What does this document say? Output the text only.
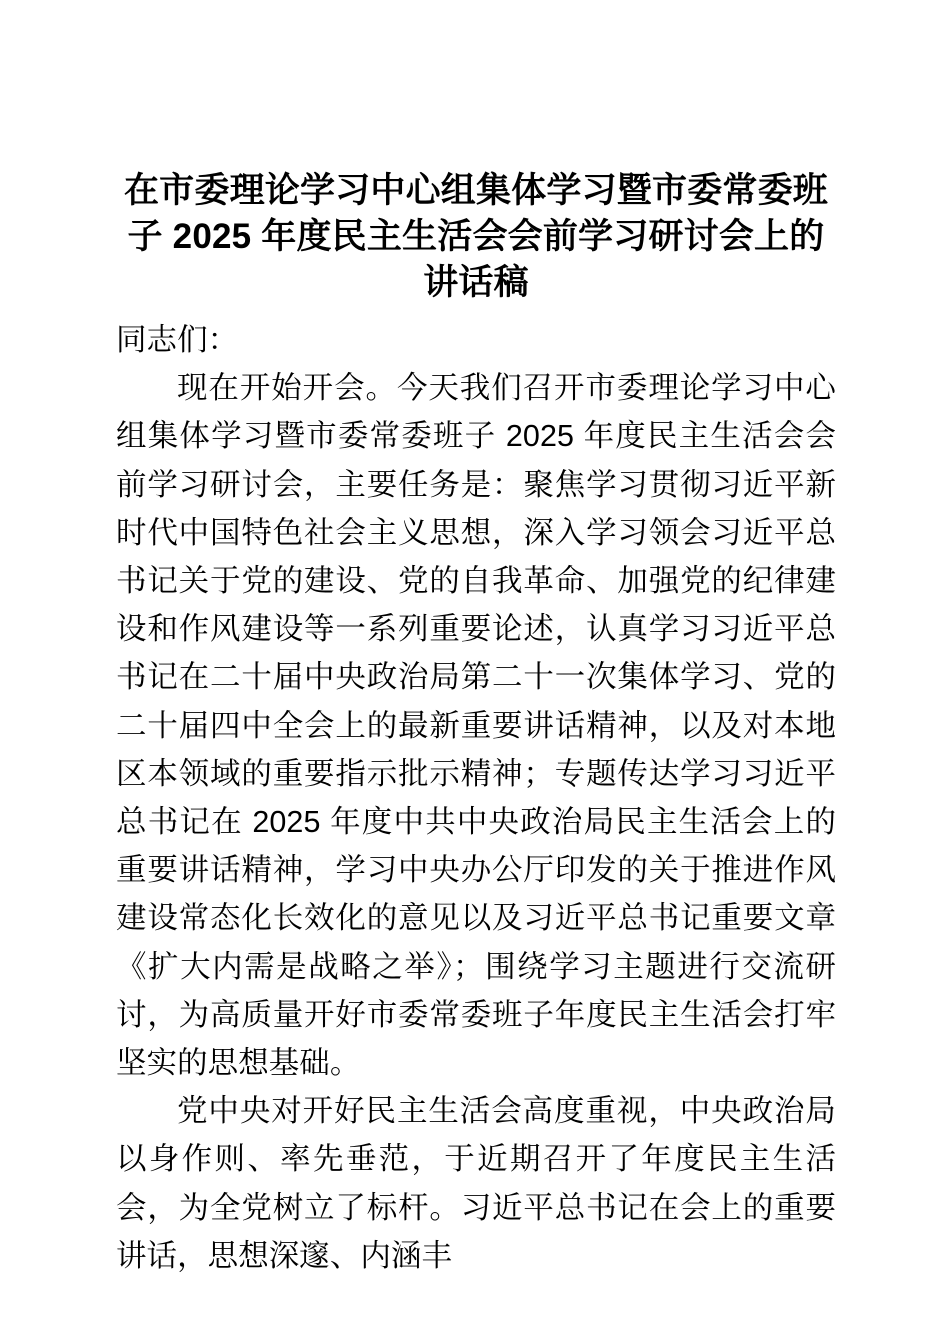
在市委理论学习中心组集体学习暨市委常委班
子 2025 年度民主生活会会前学习研讨会上的
讲话稿

同志们：

现在开始开会。今天我们召开市委理论学习中心组集体学习暨市委常委班子 2025 年度民主生活会会前学习研讨会，主要任务是：聚焦学习贯彻习近平新时代中国特色社会主义思想，深入学习领会习近平总书记关于党的建设、党的自我革命、加强党的纪律建设和作风建设等一系列重要论述，认真学习习近平总书记在二十届中央政治局第二十一次集体学习、党的二十届四中全会上的最新重要讲话精神，以及对本地区本领域的重要指示批示精神；专题传达学习习近平总书记在 2025 年度中共中央政治局民主生活会上的重要讲话精神，学习中央办公厅印发的关于推进作风建设常态化长效化的意见以及习近平总书记重要文章《扩大内需是战略之举》；围绕学习主题进行交流研讨，为高质量开好市委常委班子年度民主生活会打牢坚实的思想基础。

党中央对开好民主生活会高度重视，中央政治局以身作则、率先垂范，于近期召开了年度民主生活会，为全党树立了标杆。习近平总书记在会上的重要讲话，思想深邃、内涵丰
